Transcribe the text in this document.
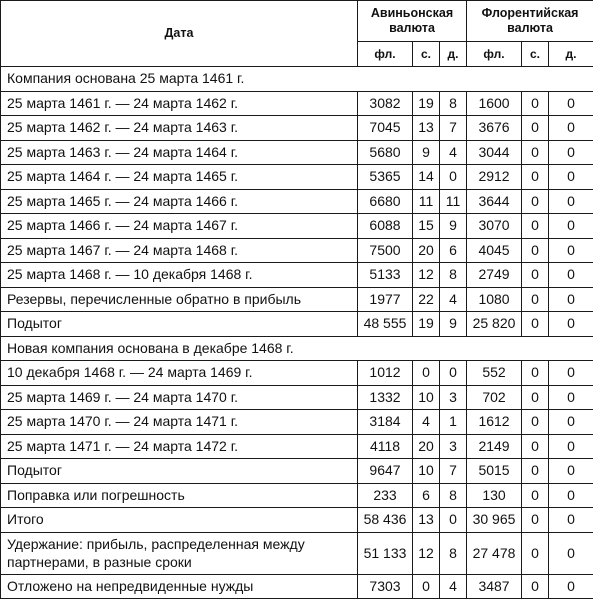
Дата	Авиньонская валюта			Флорентийская валюта		
	фл.	с.	д.	фл.	с.	д.
Компания основана 25 марта 1461 г.						
25 марта 1461 г. — 24 марта 1462 г.	3082	19	8	1600	0	0
25 марта 1462 г. — 24 марта 1463 г.	7045	13	7	3676	0	0
25 марта 1463 г. — 24 марта 1464 г.	5680	9	4	3044	0	0
25 марта 1464 г. — 24 марта 1465 г.	5365	14	0	2912	0	0
25 марта 1465 г. — 24 марта 1466 г.	6680	11	11	3644	0	0
25 марта 1466 г. — 24 марта 1467 г.	6088	15	9	3070	0	0
25 марта 1467 г. — 24 марта 1468 г.	7500	20	6	4045	0	0
25 марта 1468 г. — 10 декабря 1468 г.	5133	12	8	2749	0	0
Резервы, перечисленные обратно в прибыль	1977	22	4	1080	0	0
Подытог	48 555	19	9	25 820	0	0
Новая компания основана в декабре 1468 г.						
10 декабря 1468 г. — 24 марта 1469 г.	1012	0	0	552	0	0
25 марта 1469 г. — 24 марта 1470 г.	1332	10	3	702	0	0
25 марта 1470 г. — 24 марта 1471 г.	3184	4	1	1612	0	0
25 марта 1471 г. — 24 марта 1472 г.	4118	20	3	2149	0	0
Подытог	9647	10	7	5015	0	0
Поправка или погрешность	233	6	8	130	0	0
Итого	58 436	13	0	30 965	0	0
Удержание: прибыль, распределенная между партнерами, в разные сроки	51 133	12	8	27 478	0	0
Отложено на непредвиденные нужды	7303	0	4	3487	0	0
